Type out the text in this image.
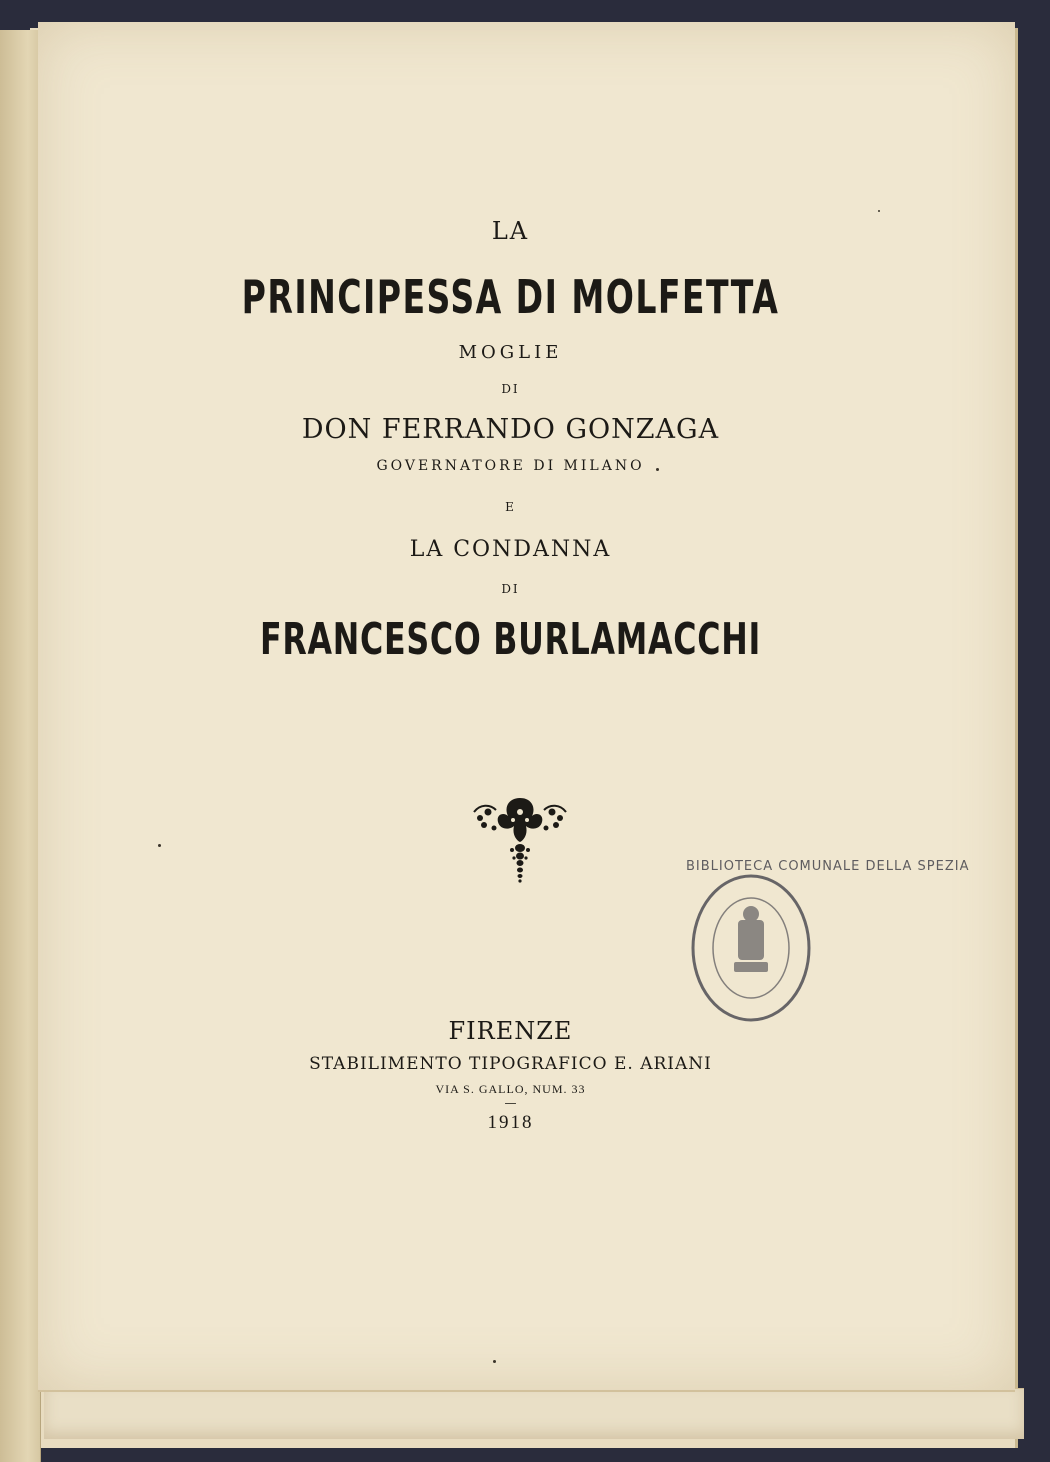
LA

PRINCIPESSA DI MOLFETTA

MOGLIE

DI

DON FERRANDO GONZAGA

GOVERNATORE DI MILANO

E

LA CONDANNA

DI

FRANCESCO BURLAMACCHI

BIBLIOTECA COMUNALE DELLA SPEZIA

FIRENZE

STABILIMENTO TIPOGRAFICO E. ARIANI

VIA S. GALLO, NUM. 33

—

1918
